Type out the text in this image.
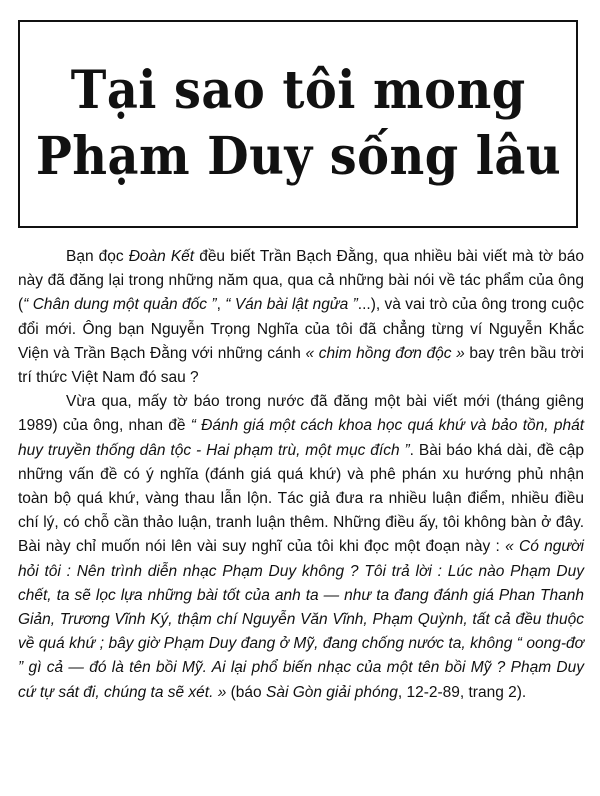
Tại sao tôi mong
Phạm Duy sống lâu

Bạn đọc Đoàn Kết đều biết Trần Bạch Đằng, qua nhiều bài viết mà tờ báo này đã đăng lại trong những năm qua, qua cả những bài nói về tác phẩm của ông (“ Chân dung một quản đốc ”, “ Ván bài lật ngửa ”...), và vai trò của ông trong cuộc đổi mới. Ông bạn Nguyễn Trọng Nghĩa của tôi đã chẳng từng ví Nguyễn Khắc Viện và Trần Bạch Đằng với những cánh « chim hồng đơn độc » bay trên bầu trời trí thức Việt Nam đó sau ?

Vừa qua, mấy tờ báo trong nước đã đăng một bài viết mới (tháng giêng 1989) của ông, nhan đề “ Đánh giá một cách khoa học quá khứ và bảo tồn, phát huy truyền thống dân tộc - Hai phạm trù, một mục đích ”. Bài báo khá dài, đề cập những vấn đề có ý nghĩa (đánh giá quá khứ) và phê phán xu hướng phủ nhận toàn bộ quá khứ, vàng thau lẫn lộn. Tác giả đưa ra nhiều luận điểm, nhiều điều chí lý, có chỗ cần thảo luận, tranh luận thêm. Những điều ấy, tôi không bàn ở đây. Bài này chỉ muốn nói lên vài suy nghĩ của tôi khi đọc một đoạn này : « Có người hỏi tôi : Nên trình diễn nhạc Phạm Duy không ? Tôi trả lời : Lúc nào Phạm Duy chết, ta sẽ lọc lựa những bài tốt của anh ta — như ta đang đánh giá Phan Thanh Giản, Trương Vĩnh Ký, thậm chí Nguyễn Văn Vĩnh, Phạm Quỳnh, tất cả đều thuộc về quá khứ ; bây giờ Phạm Duy đang ở Mỹ, đang chống nước ta, không “ oong-đơ ” gì cả — đó là tên bồi Mỹ. Ai lại phổ biến nhạc của một tên bồi Mỹ ? Phạm Duy cứ tự sát đi, chúng ta sẽ xét. » (báo Sài Gòn giải phóng, 12-2-89, trang 2).
